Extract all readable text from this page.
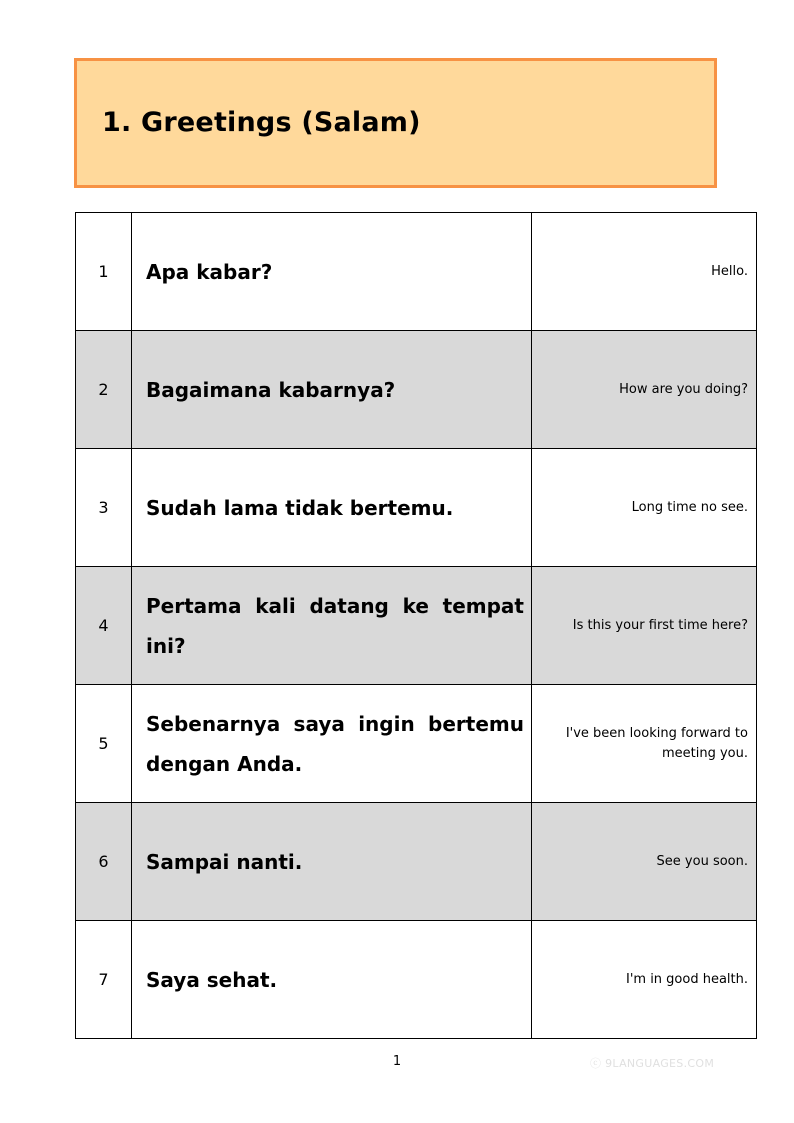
1. Greetings (Salam)
1	Apa kabar?	Hello.

2	Bagaimana kabarnya?	How are you doing?

3	Sudah lama tidak bertemu.	Long time no see.

4	Pertama kali datang ke tempat ini?	Is this your first time here?

5	Sebenarnya saya ingin bertemu dengan Anda.	I've been looking forward to meeting you.

6	Sampai nanti.	See you soon.

7	Saya sehat.	I'm in good health.
1	ⓒ 9LANGUAGES.COM
